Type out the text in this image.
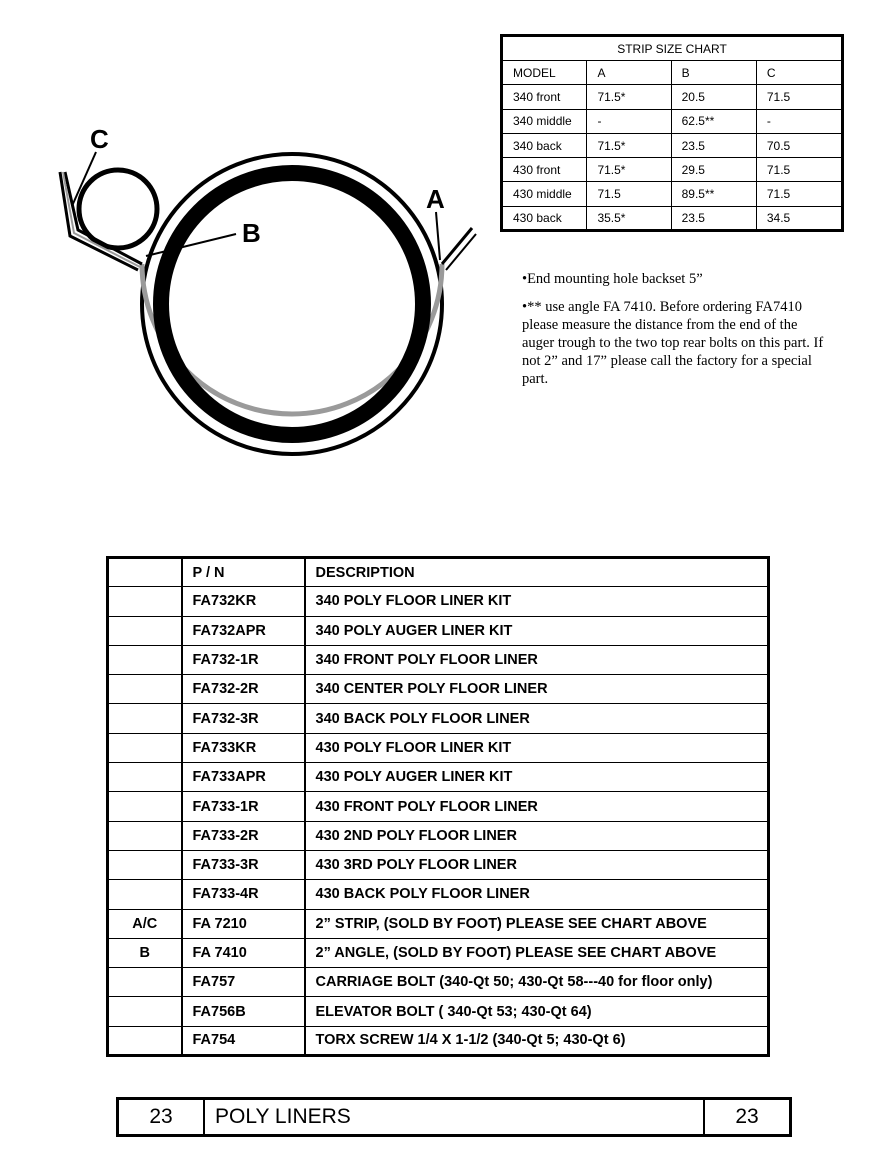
C
B
A
STRIP SIZE CHART			
MODEL	A	B	C
340 front	71.5*	20.5	71.5
340 middle	-	62.5**	-
340 back	71.5*	23.5	70.5
430 front	71.5*	29.5	71.5
430 middle	71.5	89.5**	71.5
430 back	35.5*	23.5	34.5

•End mounting hole backset 5”

•** use angle FA 7410. Before ordering FA7410 please measure the distance from the end of the auger trough to the two top rear bolts on this part. If not 2” and 17” please call the factory for a special part.

	P / N	DESCRIPTION
	FA732KR	340 POLY FLOOR LINER KIT
	FA732APR	340 POLY AUGER LINER KIT
	FA732-1R	340 FRONT POLY FLOOR LINER
	FA732-2R	340 CENTER POLY FLOOR LINER
	FA732-3R	340 BACK POLY FLOOR LINER
	FA733KR	430 POLY FLOOR LINER KIT
	FA733APR	430 POLY AUGER LINER KIT
	FA733-1R	430 FRONT POLY FLOOR LINER
	FA733-2R	430 2ND POLY FLOOR LINER
	FA733-3R	430 3RD POLY FLOOR LINER
	FA733-4R	430 BACK POLY FLOOR LINER
A/C	FA 7210	2” STRIP, (SOLD BY FOOT) PLEASE SEE CHART ABOVE
B	FA 7410	2” ANGLE, (SOLD BY FOOT) PLEASE SEE CHART ABOVE
	FA757	CARRIAGE BOLT (340-Qt 50; 430-Qt 58---40 for floor only)
	FA756B	ELEVATOR BOLT ( 340-Qt 53; 430-Qt 64)
	FA754	TORX SCREW 1/4 X 1-1/2 (340-Qt 5; 430-Qt 6)
23	POLY LINERS	23
